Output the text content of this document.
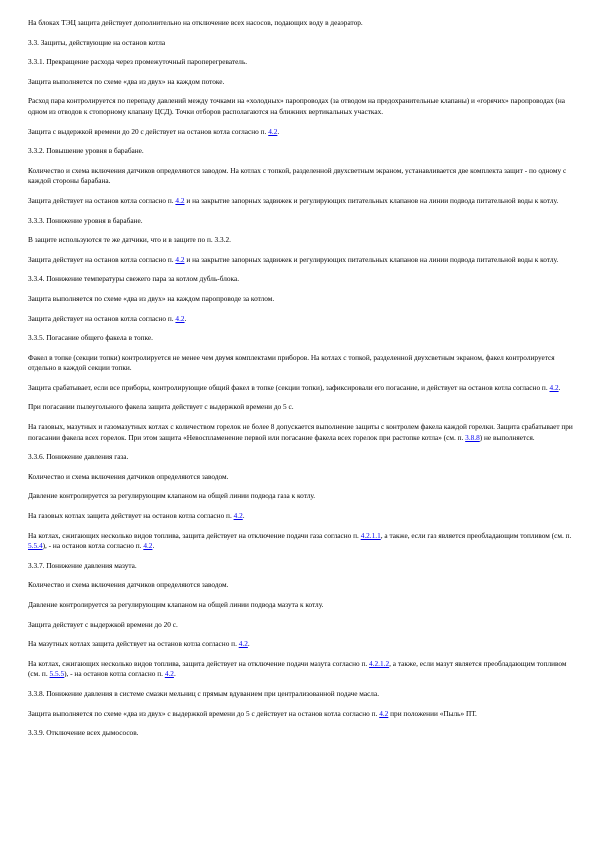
На блоках ТЭЦ защита действует дополнительно на отключение всех насосов, подающих воду в деаэратор.

3.3. Защиты, действующие на останов котла

3.3.1. Прекращение расхода через промежуточный пароперегреватель.

Защита выполняется по схеме «два из двух» на каждом потоке.

Расход пара контролируется по перепаду давлений между точками на «холодных» паропроводах (за отводом на предохранительные клапаны) и «горячих» паропроводах (на одном из отводов к стопорному клапану ЦСД). Точки отборов располагаются на ближних вертикальных участках.

Защита с выдержкой времени до 20 с действует на останов котла согласно п. 4.2.

3.3.2. Повышение уровня в барабане.

Количество и схема включения датчиков определяются заводом. На котлах с топкой, разделенной двухсветным экраном, устанавливается две комплекта защит - по одному с каждой стороны барабана.

Защита действует на останов котла согласно п. 4.2 и на закрытие запорных задвижек и регулирующих питательных клапанов на линии подвода питательной воды к котлу.

3.3.3. Понижение уровня в барабане.

В защите используются те же датчики, что и в защите по п. 3.3.2.

Защита действует на останов котла согласно п. 4.2 и на закрытие запорных задвижек и регулирующих питательных клапанов на линии подвода питательной воды к котлу.

3.3.4. Понижение температуры свежего пара за котлом дубль-блока.

Защита выполняется по схеме «два из двух» на каждом паропроводе за котлом.

Защита действует на останов котла согласно п. 4.2.

3.3.5. Погасание общего факела в топке.

Факел в топке (секции топки) контролируется не менее чем двумя комплектами приборов. На котлах с топкой, разделенной двухсветным экраном, факел контролируется отдельно в каждой секции топки.

Защита срабатывает, если все приборы, контролирующие общий факел в топке (секции топки), зафиксировали его погасание, и действует на останов котла согласно п. 4.2.

При погасании пылеугольного факела защита действует с выдержкой времени до 5 с.

На газовых, мазутных и газомазутных котлах с количеством горелок не более 8 допускается выполнение защиты с контролем факела каждой горелки. Защита срабатывает при погасании факела всех горелок. При этом защита «Невоспламенение первой или погасание факела всех горелок при растопке котла» (см. п. 3.8.8) не выполняется.

3.3.6. Понижение давления газа.

Количество и схема включения датчиков определяются заводом.

Давление контролируется за регулирующим клапаном на общей линии подвода газа к котлу.

На газовых котлах защита действует на останов котла согласно п. 4.2.

На котлах, сжигающих несколько видов топлива, защита действует на отключение подачи газа согласно п. 4.2.1.1, а также, если газ является преобладающим топливом (см. п. 5.5.4), - на останов котла согласно п. 4.2.

3.3.7. Понижение давления мазута.

Количество и схема включения датчиков определяются заводом.

Давление контролируется за регулирующим клапаном на общей линии подвода мазута к котлу.

Защита действует с выдержкой времени до 20 с.

На мазутных котлах защита действует на останов котла согласно п. 4.2.

На котлах, сжигающих несколько видов топлива, защита действует на отключение подачи мазута согласно п. 4.2.1.2, а также, если мазут является преобладающим топливом (см. п. 5.5.5), - на останов котла согласно п. 4.2.

3.3.8. Понижение давления в системе смазки мельниц с прямым вдуванием при централизованной подаче масла.

Защита выполняется по схеме «два из двух» с выдержкой времени до 5 с действует на останов котла согласно п. 4.2 при положении «Пыль» ПТ.

3.3.9. Отключение всех дымососов.
